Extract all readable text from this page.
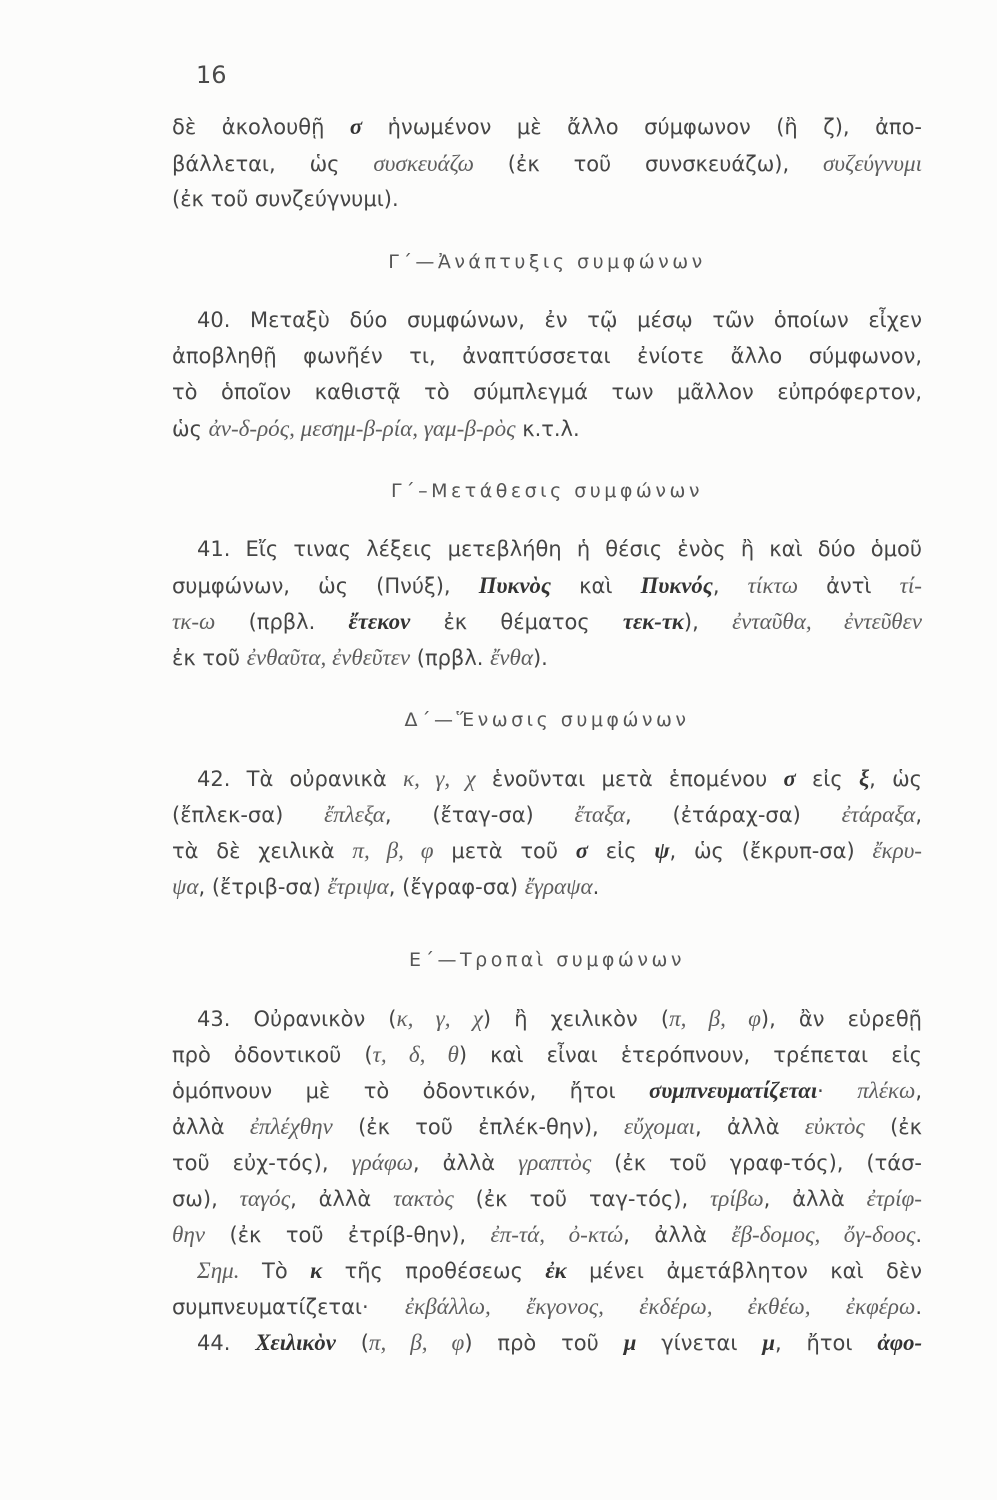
16
δὲ ἀκολουθῇ σ ἡνωμένον μὲ ἄλλο σύμφωνον (ἢ ζ), ἀπο-
βάλλεται, ὡς συσκευάζω (ἐκ τοῦ συνσκευάζω), συζεύγνυμι
(ἐκ τοῦ συνζεύγνυμι).
Γ΄—Ἀνάπτυξις συμφώνων
40. Μεταξὺ δύο συμφώνων, ἐν τῷ μέσῳ τῶν ὁποίων εἶχεν
ἀποβληθῇ φωνῆέν τι, ἀναπτύσσεται ἐνίοτε ἄλλο σύμφωνον,
τὸ ὁποῖον καθιστᾷ τὸ σύμπλεγμά των μᾶλλον εὐπρόφερτον,
ὡς ἀν-δ-ρός, μεσημ-β-ρία, γαμ-β-ρὸς κ.τ.λ.
Γ΄–Μετάθεσις συμφώνων
41. Εἴς τινας λέξεις μετεβλήθη ἡ θέσις ἑνὸς ἢ καὶ δύο ὁμοῦ
συμφώνων, ὡς (Πνύξ), Πυκνὸς καὶ Πυκνός, τίκτω ἀντὶ τί-
τκ-ω (πρβλ. ἔτεκον ἐκ θέματος τεκ-τκ), ἐνταῦθα, ἐντεῦθεν
ἐκ τοῦ ἐνθαῦτα, ἐνθεῦτεν (πρβλ. ἔνθα).
Δ΄—Ἕνωσις συμφώνων
42. Τὰ οὐρανικὰ κ, γ, χ ἑνοῦνται μετὰ ἑπομένου σ εἰς ξ, ὡς
(ἔπλεκ-σα) ἔπλεξα, (ἔταγ-σα) ἔταξα, (ἐτάραχ-σα) ἐτάραξα,
τὰ δὲ χειλικὰ π, β, φ μετὰ τοῦ σ εἰς ψ, ὡς (ἔκρυπ-σα) ἔκρυ-
ψα, (ἔτριβ-σα) ἔτριψα, (ἔγραφ-σα) ἔγραψα.
Ε΄—Τροπαὶ συμφώνων
43. Οὐρανικὸν (κ, γ, χ) ἢ χειλικὸν (π, β, φ), ἂν εὑρεθῇ
πρὸ ὀδοντικοῦ (τ, δ, θ) καὶ εἶναι ἑτερόπνουν, τρέπεται εἰς
ὁμόπνουν μὲ τὸ ὀδοντικόν, ἤτοι συμπνευματίζεται· πλέκω,
ἀλλὰ ἐπλέχθην (ἐκ τοῦ ἐπλέκ-θην), εὔχομαι, ἀλλὰ εὐκτὸς (ἐκ
τοῦ εὐχ-τός), γράφω, ἀλλὰ γραπτὸς (ἐκ τοῦ γραφ-τός), (τάσ-
σω), ταγός, ἀλλὰ τακτὸς (ἐκ τοῦ ταγ-τός), τρίβω, ἀλλὰ ἐτρίφ-
θην (ἐκ τοῦ ἐτρίβ-θην), ἐπ-τά, ὀ-κτώ, ἀλλὰ ἔβ-δομος, ὄγ-δοος.
Σημ. Τὸ κ τῆς προθέσεως ἐκ μένει ἀμετάβλητον καὶ δὲν
συμπνευματίζεται· ἐκβάλλω, ἔκγονος, ἐκδέρω, ἐκθέω, ἐκφέρω.
44. Χειλικὸν (π, β, φ) πρὸ τοῦ μ γίνεται μ, ἤτοι ἀφο-
